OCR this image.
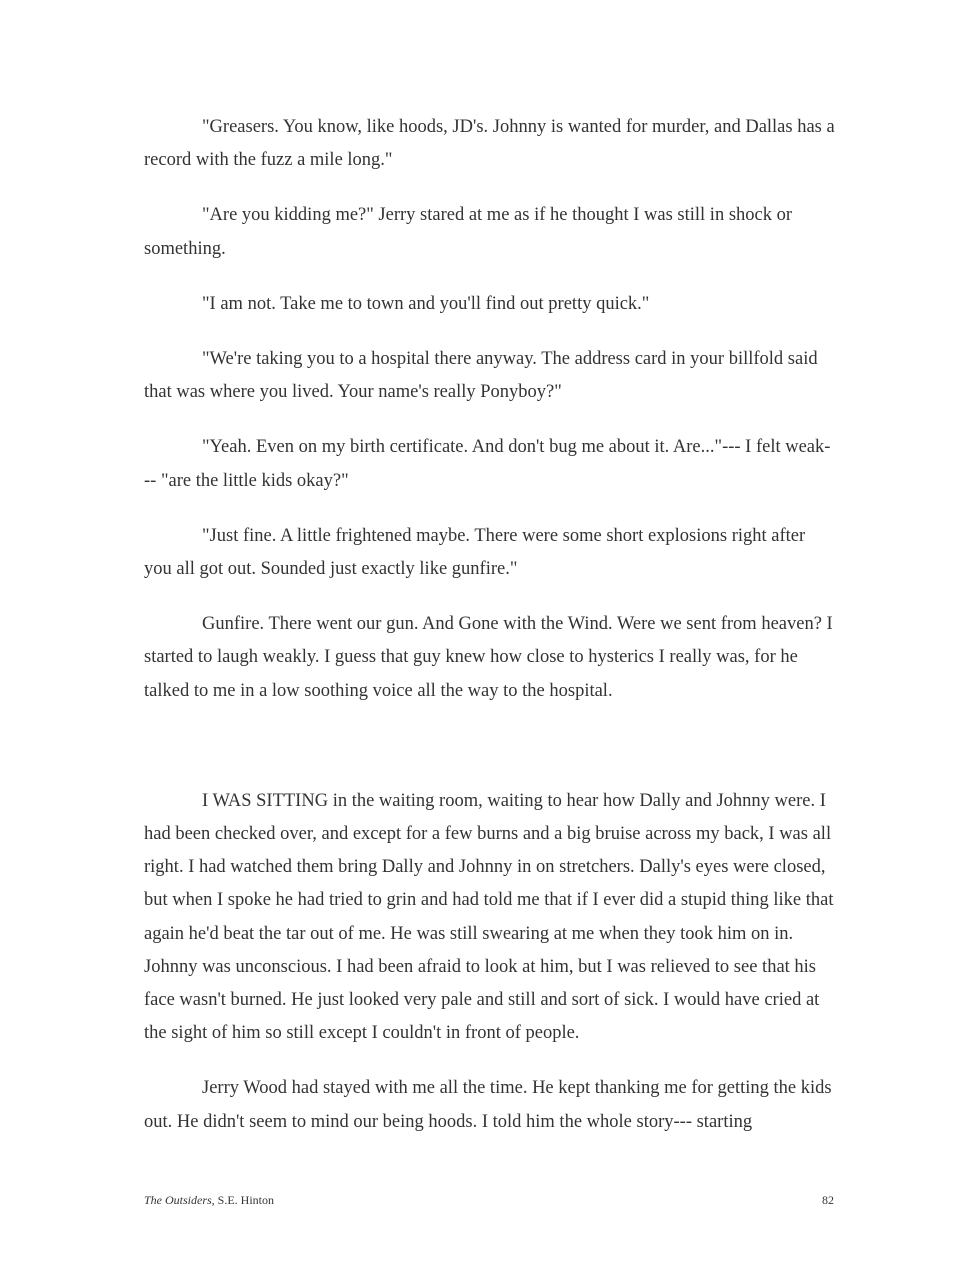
"Greasers. You know, like hoods, JD's. Johnny is wanted for murder, and Dallas has a record with the fuzz a mile long."

"Are you kidding me?" Jerry stared at me as if he thought I was still in shock or something.

"I am not. Take me to town and you'll find out pretty quick."

"We're taking you to a hospital there anyway. The address card in your billfold said that was where you lived. Your name's really Ponyboy?"

"Yeah. Even on my birth certificate. And don't bug me about it. Are..."--- I felt weak--- "are the little kids okay?"

"Just fine. A little frightened maybe. There were some short explosions right after you all got out. Sounded just exactly like gunfire."

Gunfire. There went our gun. And Gone with the Wind. Were we sent from heaven? I started to laugh weakly. I guess that guy knew how close to hysterics I really was, for he talked to me in a low soothing voice all the way to the hospital.

I WAS SITTING in the waiting room, waiting to hear how Dally and Johnny were. I had been checked over, and except for a few burns and a big bruise across my back, I was all right. I had watched them bring Dally and Johnny in on stretchers. Dally's eyes were closed, but when I spoke he had tried to grin and had told me that if I ever did a stupid thing like that again he'd beat the tar out of me. He was still swearing at me when they took him on in. Johnny was unconscious. I had been afraid to look at him, but I was relieved to see that his face wasn't burned. He just looked very pale and still and sort of sick. I would have cried at the sight of him so still except I couldn't in front of people.

Jerry Wood had stayed with me all the time. He kept thanking me for getting the kids out. He didn't seem to mind our being hoods. I told him the whole story--- starting

The Outsiders, S.E. Hinton	82
